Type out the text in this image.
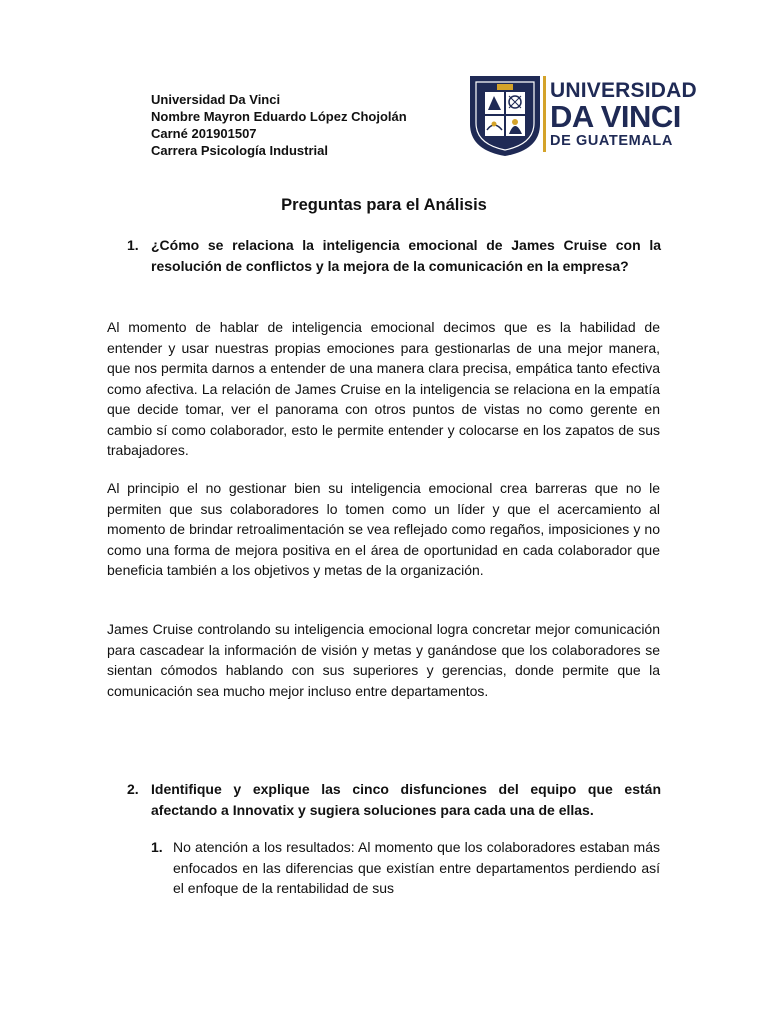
Universidad Da Vinci
Nombre Mayron Eduardo López Chojolán
Carné 201901507
Carrera Psicología Industrial
UNIVERSIDAD
DA VINCI
DE GUATEMALA
Preguntas para el Análisis
1. ¿Cómo se relaciona la inteligencia emocional de James Cruise con la resolución de conflictos y la mejora de la comunicación en la empresa?
Al momento de hablar de inteligencia emocional decimos que es la habilidad de entender y usar nuestras propias emociones para gestionarlas de una mejor manera, que nos permita darnos a entender de una manera clara precisa, empática tanto efectiva como afectiva. La relación de James Cruise en la inteligencia se relaciona en la empatía que decide tomar, ver el panorama con otros puntos de vistas no como gerente en cambio sí como colaborador, esto le permite entender y colocarse en los zapatos de sus trabajadores.
Al principio el no gestionar bien su inteligencia emocional crea barreras que no le permiten que sus colaboradores lo tomen como un líder y que el acercamiento al momento de brindar retroalimentación se vea reflejado como regaños, imposiciones y no como una forma de mejora positiva en el área de oportunidad en cada colaborador que beneficia también a los objetivos y metas de la organización.
James Cruise controlando su inteligencia emocional logra concretar mejor comunicación para cascadear la información de visión y metas y ganándose que los colaboradores se sientan cómodos hablando con sus superiores y gerencias, donde permite que la comunicación sea mucho mejor incluso entre departamentos.
2. Identifique y explique las cinco disfunciones del equipo que están afectando a Innovatix y sugiera soluciones para cada una de ellas.
1. No atención a los resultados: Al momento que los colaboradores estaban más enfocados en las diferencias que existían entre departamentos perdiendo así el enfoque de la rentabilidad de sus
